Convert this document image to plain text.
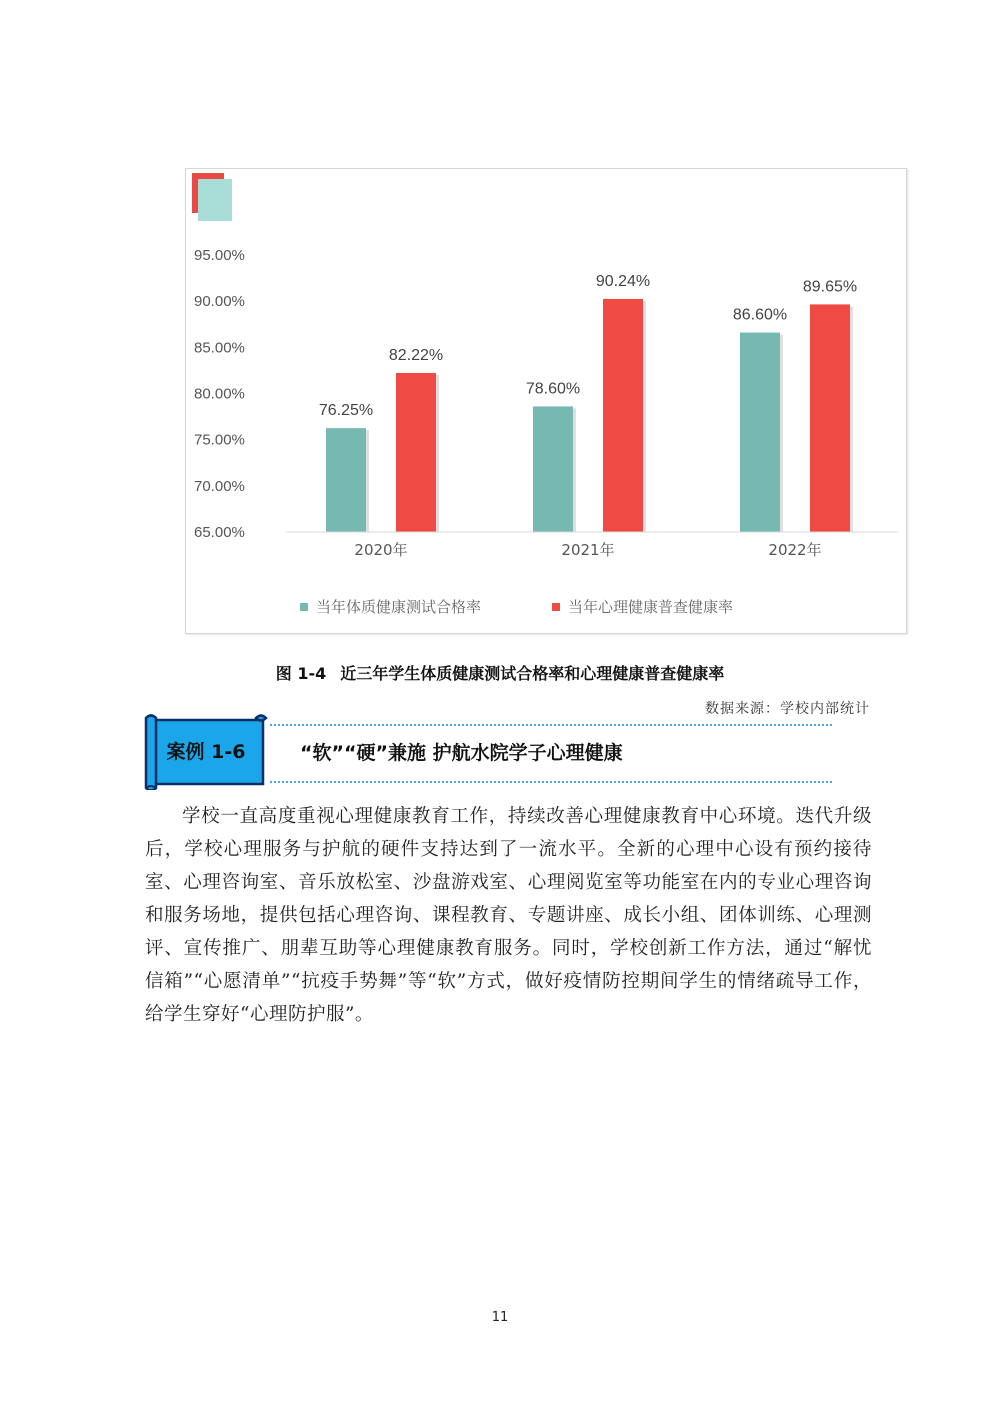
95.00%
90.00%
85.00%
80.00%
75.00%
70.00%
65.00%
76.25%
82.22%
78.60%
90.24%
86.60%
89.65%
2020年	2021年	2022年
当年体质健康测试合格率	当年心理健康普查健康率
图 1-4 近三年学生体质健康测试合格率和心理健康普查健康率
数据来源：学校内部统计
案例 1-6	“软”“硬”兼施 护航水院学子心理健康

学校一直高度重视心理健康教育工作，持续改善心理健康教育中心环境。迭代升级后，学校心理服务与护航的硬件支持达到了一流水平。全新的心理中心设有预约接待室、心理咨询室、音乐放松室、沙盘游戏室、心理阅览室等功能室在内的专业心理咨询和服务场地，提供包括心理咨询、课程教育、专题讲座、成长小组、团体训练、心理测评、宣传推广、朋辈互助等心理健康教育服务。同时，学校创新工作方法，通过“解忧信箱”“心愿清单”“抗疫手势舞”等“软”方式，做好疫情防控期间学生的情绪疏导工作，给学生穿好“心理防护服”。

11
